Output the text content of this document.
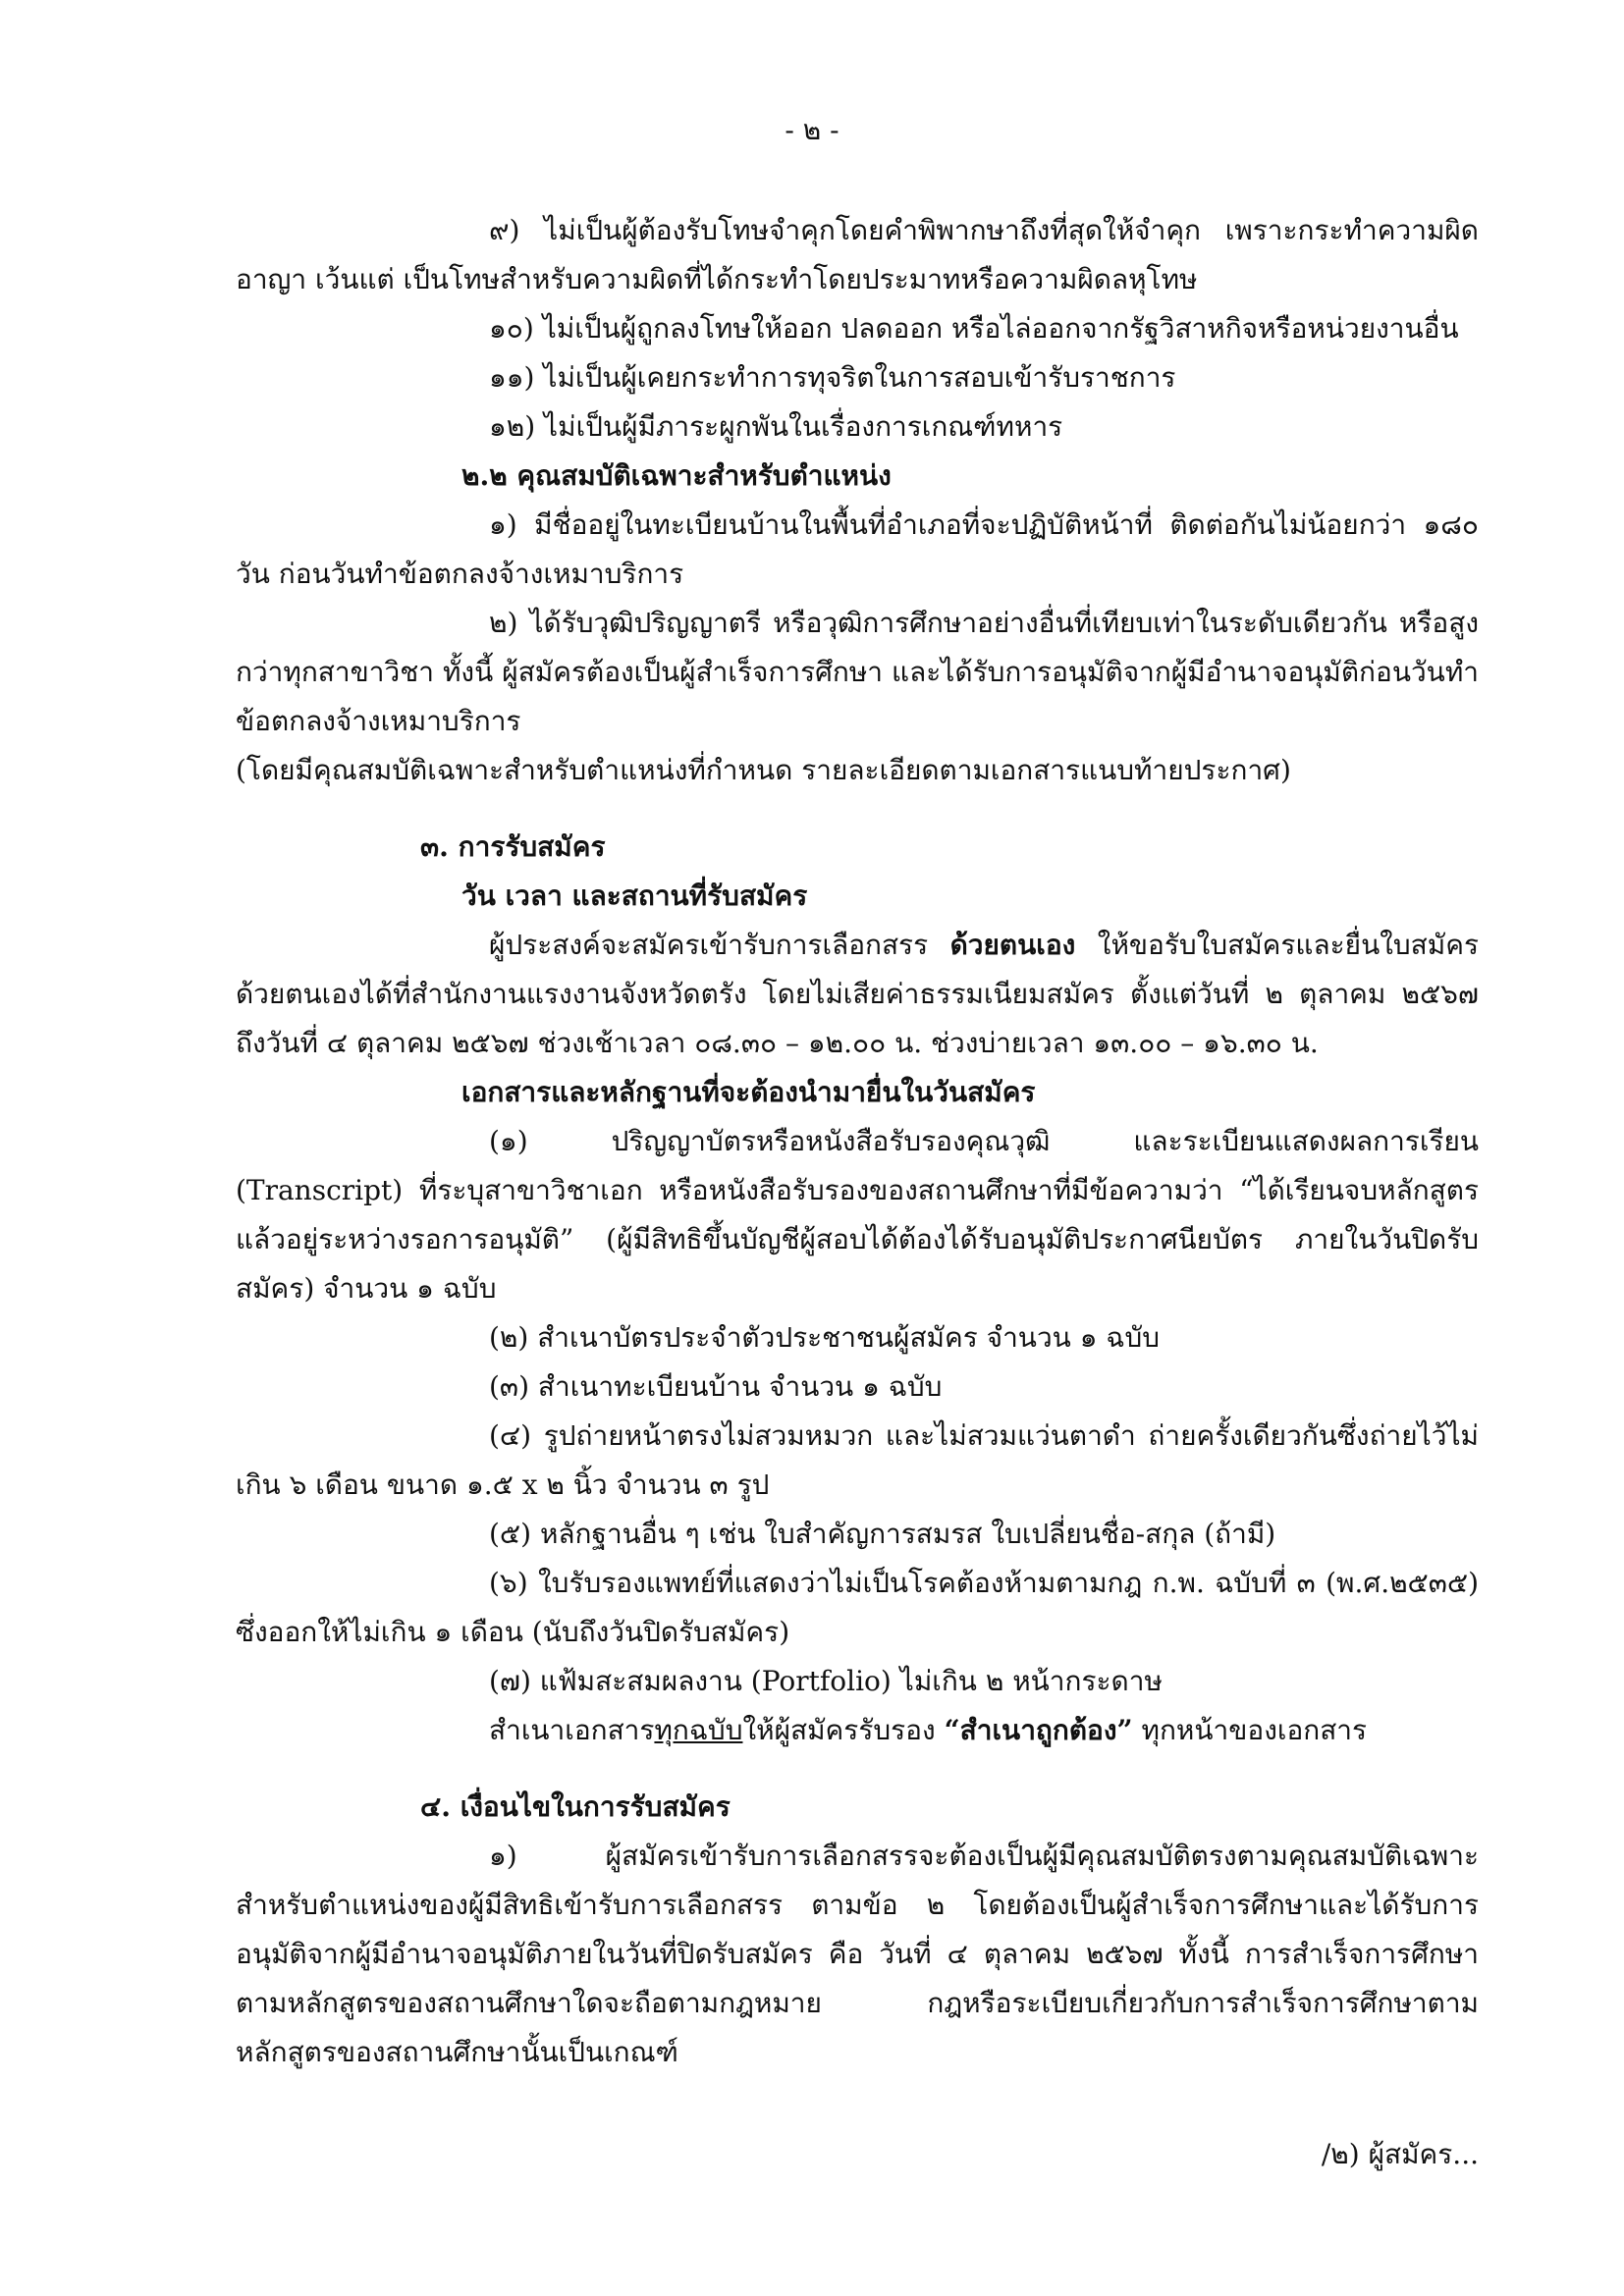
- ๒ -

๙) ไม่เป็นผู้ต้องรับโทษจำคุกโดยคำพิพากษาถึงที่สุดให้จำคุก เพราะกระทำความผิดอาญา เว้นแต่ เป็นโทษสำหรับความผิดที่ได้กระทำโดยประมาทหรือความผิดลหุโทษ

๑๐) ไม่เป็นผู้ถูกลงโทษให้ออก ปลดออก หรือไล่ออกจากรัฐวิสาหกิจหรือหน่วยงานอื่น

๑๑) ไม่เป็นผู้เคยกระทำการทุจริตในการสอบเข้ารับราชการ

๑๒) ไม่เป็นผู้มีภาระผูกพันในเรื่องการเกณฑ์ทหาร

๒.๒ คุณสมบัติเฉพาะสำหรับตำแหน่ง

๑) มีชื่ออยู่ในทะเบียนบ้านในพื้นที่อำเภอที่จะปฏิบัติหน้าที่ ติดต่อกันไม่น้อยกว่า ๑๘๐ วัน ก่อนวันทำข้อตกลงจ้างเหมาบริการ

๒) ได้รับวุฒิปริญญาตรี หรือวุฒิการศึกษาอย่างอื่นที่เทียบเท่าในระดับเดียวกัน หรือสูงกว่าทุกสาขาวิชา ทั้งนี้ ผู้สมัครต้องเป็นผู้สำเร็จการศึกษา และได้รับการอนุมัติจากผู้มีอำนาจอนุมัติก่อนวันทำข้อตกลงจ้างเหมาบริการ

(โดยมีคุณสมบัติเฉพาะสำหรับตำแหน่งที่กำหนด รายละเอียดตามเอกสารแนบท้ายประกาศ)

๓. การรับสมัคร

วัน เวลา และสถานที่รับสมัคร

ผู้ประสงค์จะสมัครเข้ารับการเลือกสรร ด้วยตนเอง ให้ขอรับใบสมัครและยื่นใบสมัครด้วยตนเองได้ที่สำนักงานแรงงานจังหวัดตรัง โดยไม่เสียค่าธรรมเนียมสมัคร ตั้งแต่วันที่ ๒ ตุลาคม ๒๕๖๗ ถึงวันที่ ๔ ตุลาคม ๒๕๖๗ ช่วงเช้าเวลา ๐๘.๓๐ – ๑๒.๐๐ น. ช่วงบ่ายเวลา ๑๓.๐๐ – ๑๖.๓๐ น.

เอกสารและหลักฐานที่จะต้องนำมายื่นในวันสมัคร

(๑) ปริญญาบัตรหรือหนังสือรับรองคุณวุฒิ และระเบียนแสดงผลการเรียน (Transcript) ที่ระบุสาขาวิชาเอก หรือหนังสือรับรองของสถานศึกษาที่มีข้อความว่า “ได้เรียนจบหลักสูตรแล้วอยู่ระหว่างรอการอนุมัติ” (ผู้มีสิทธิขึ้นบัญชีผู้สอบได้ต้องได้รับอนุมัติประกาศนียบัตร ภายในวันปิดรับสมัคร) จำนวน ๑ ฉบับ

(๒) สำเนาบัตรประจำตัวประชาชนผู้สมัคร จำนวน ๑ ฉบับ

(๓) สำเนาทะเบียนบ้าน จำนวน ๑ ฉบับ

(๔) รูปถ่ายหน้าตรงไม่สวมหมวก และไม่สวมแว่นตาดำ ถ่ายครั้งเดียวกันซึ่งถ่ายไว้ไม่เกิน ๖ เดือน ขนาด ๑.๕ x ๒ นิ้ว จำนวน ๓ รูป

(๕) หลักฐานอื่น ๆ เช่น ใบสำคัญการสมรส ใบเปลี่ยนชื่อ-สกุล (ถ้ามี)

(๖) ใบรับรองแพทย์ที่แสดงว่าไม่เป็นโรคต้องห้ามตามกฎ ก.พ. ฉบับที่ ๓ (พ.ศ.๒๕๓๕) ซึ่งออกให้ไม่เกิน ๑ เดือน (นับถึงวันปิดรับสมัคร)

(๗) แฟ้มสะสมผลงาน (Portfolio) ไม่เกิน ๒ หน้ากระดาษ

สำเนาเอกสารทุกฉบับให้ผู้สมัครรับรอง “สำเนาถูกต้อง” ทุกหน้าของเอกสาร

๔. เงื่อนไขในการรับสมัคร

๑) ผู้สมัครเข้ารับการเลือกสรรจะต้องเป็นผู้มีคุณสมบัติตรงตามคุณสมบัติเฉพาะสำหรับตำแหน่งของผู้มีสิทธิเข้ารับการเลือกสรร ตามข้อ ๒ โดยต้องเป็นผู้สำเร็จการศึกษาและได้รับการอนุมัติจากผู้มีอำนาจอนุมัติภายในวันที่ปิดรับสมัคร คือ วันที่ ๔ ตุลาคม ๒๕๖๗ ทั้งนี้ การสำเร็จการศึกษาตามหลักสูตรของสถานศึกษาใดจะถือตามกฎหมาย กฎหรือระเบียบเกี่ยวกับการสำเร็จการศึกษาตามหลักสูตรของสถานศึกษานั้นเป็นเกณฑ์

/๒) ผู้สมัคร...
